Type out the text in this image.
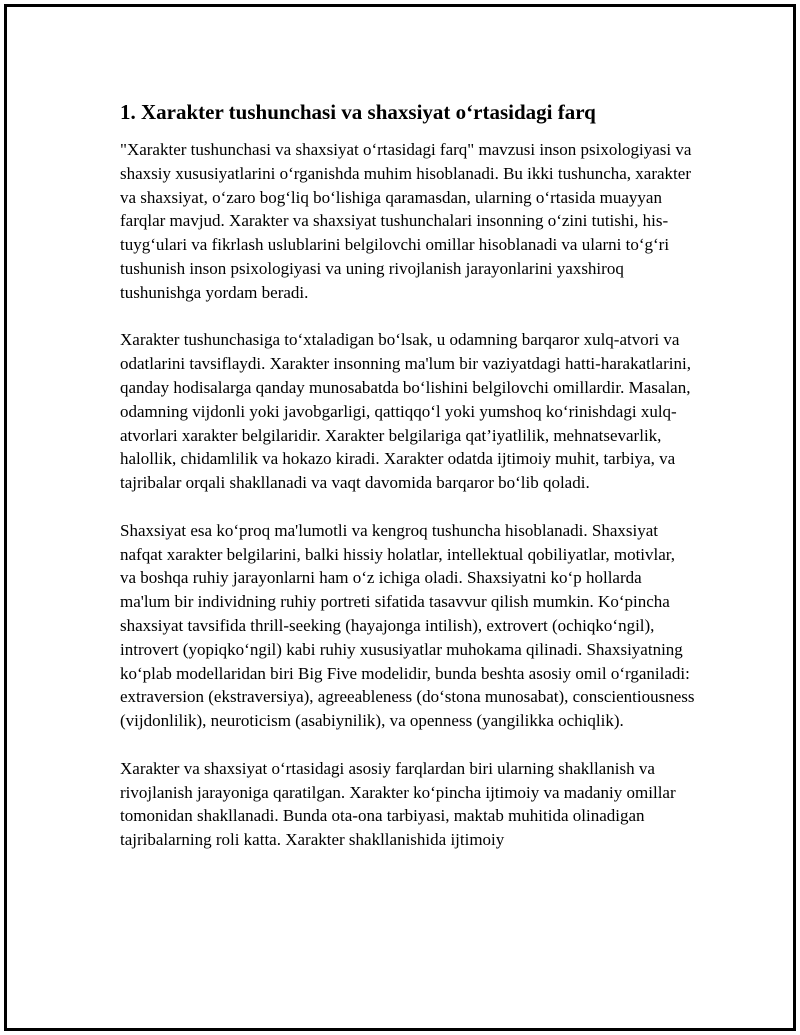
1. Xarakter tushunchasi va shaxsiyat o‘rtasidagi farq

"Xarakter tushunchasi va shaxsiyat o‘rtasidagi farq" mavzusi inson psixologiyasi va shaxsiy xususiyatlarini o‘rganishda muhim hisoblanadi. Bu ikki tushuncha, xarakter va shaxsiyat, o‘zaro bog‘liq bo‘lishiga qaramasdan, ularning o‘rtasida muayyan farqlar mavjud. Xarakter va shaxsiyat tushunchalari insonning o‘zini tutishi, his-tuyg‘ulari va fikrlash uslublarini belgilovchi omillar hisoblanadi va ularni to‘g‘ri tushunish inson psixologiyasi va uning rivojlanish jarayonlarini yaxshiroq tushunishga yordam beradi.

Xarakter tushunchasiga to‘xtaladigan bo‘lsak, u odamning barqaror xulq-atvori va odatlarini tavsiflaydi. Xarakter insonning ma'lum bir vaziyatdagi hatti-harakatlarini, qanday hodisalarga qanday munosabatda bo‘lishini belgilovchi omillardir. Masalan, odamning vijdonli yoki javobgarligi, qattiqqo‘l yoki yumshoq ko‘rinishdagi xulq-atvorlari xarakter belgilaridir. Xarakter belgilariga qat’iyatlilik, mehnatsevarlik, halollik, chidamlilik va hokazo kiradi. Xarakter odatda ijtimoiy muhit, tarbiya, va tajribalar orqali shakllanadi va vaqt davomida barqaror bo‘lib qoladi.

Shaxsiyat esa ko‘proq ma'lumotli va kengroq tushuncha hisoblanadi. Shaxsiyat nafqat xarakter belgilarini, balki hissiy holatlar, intellektual qobiliyatlar, motivlar, va boshqa ruhiy jarayonlarni ham o‘z ichiga oladi. Shaxsiyatni ko‘p hollarda ma'lum bir individning ruhiy portreti sifatida tasavvur qilish mumkin. Ko‘pincha shaxsiyat tavsifida thrill-seeking (hayajonga intilish), extrovert (ochiqko‘ngil), introvert (yopiqko‘ngil) kabi ruhiy xususiyatlar muhokama qilinadi. Shaxsiyatning ko‘plab modellaridan biri Big Five modelidir, bunda beshta asosiy omil o‘rganiladi: extraversion (ekstraversiya), agreeableness (do‘stona munosabat), conscientiousness (vijdonlilik), neuroticism (asabiynilik), va openness (yangilikka ochiqlik).

Xarakter va shaxsiyat o‘rtasidagi asosiy farqlardan biri ularning shakllanish va rivojlanish jarayoniga qaratilgan. Xarakter ko‘pincha ijtimoiy va madaniy omillar tomonidan shakllanadi. Bunda ota-ona tarbiyasi, maktab muhitida olinadigan tajribalarning roli katta. Xarakter shakllanishida ijtimoiy
